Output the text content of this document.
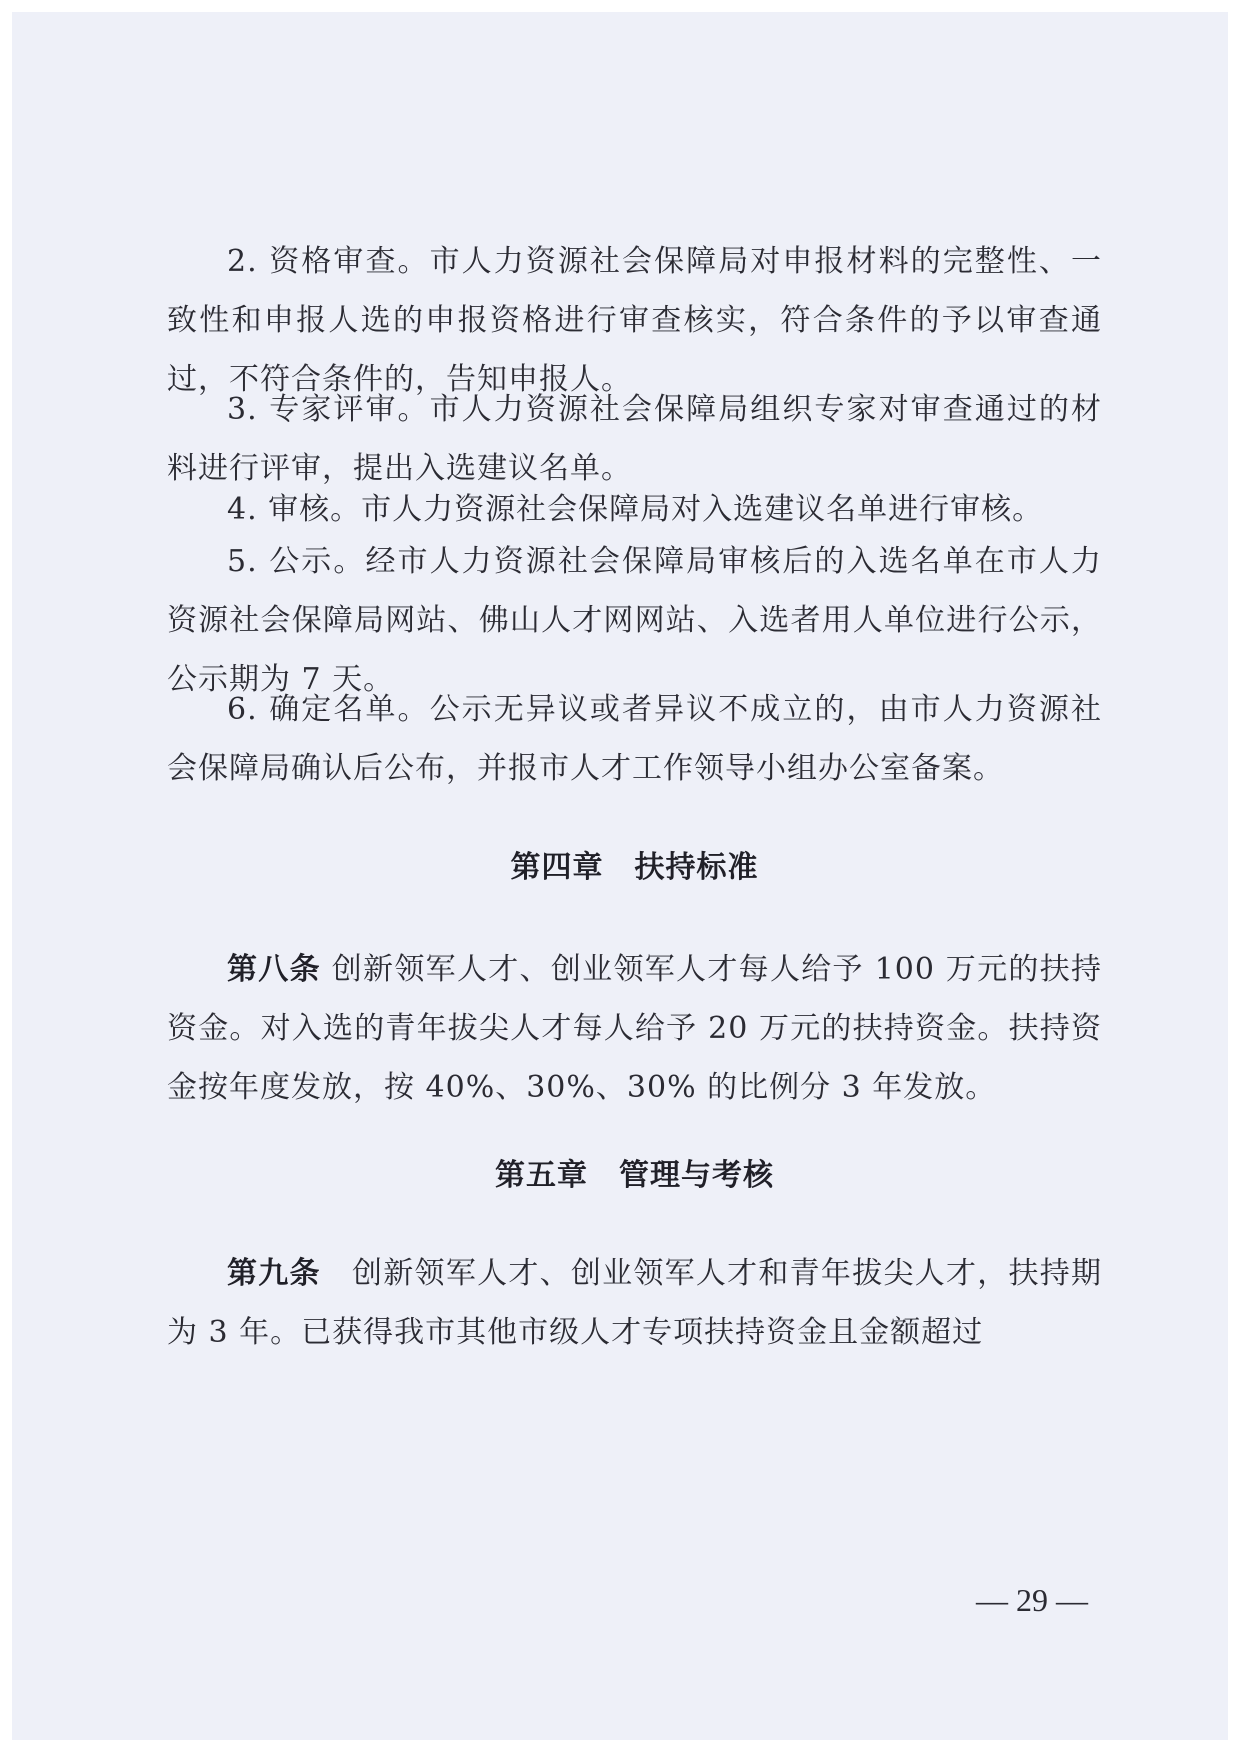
2. 资格审查。市人力资源社会保障局对申报材料的完整性、一致性和申报人选的申报资格进行审查核实，符合条件的予以审查通过，不符合条件的，告知申报人。

3. 专家评审。市人力资源社会保障局组织专家对审查通过的材料进行评审，提出入选建议名单。

4. 审核。市人力资源社会保障局对入选建议名单进行审核。

5. 公示。经市人力资源社会保障局审核后的入选名单在市人力资源社会保障局网站、佛山人才网网站、入选者用人单位进行公示，公示期为 7 天。

6. 确定名单。公示无异议或者异议不成立的，由市人力资源社会保障局确认后公布，并报市人才工作领导小组办公室备案。

第四章　扶持标准

第八条 创新领军人才、创业领军人才每人给予 100 万元的扶持资金。对入选的青年拔尖人才每人给予 20 万元的扶持资金。扶持资金按年度发放，按 40%、30%、30% 的比例分 3 年发放。

第五章　管理与考核

第九条　创新领军人才、创业领军人才和青年拔尖人才，扶持期为 3 年。已获得我市其他市级人才专项扶持资金且金额超过

— 29 —
